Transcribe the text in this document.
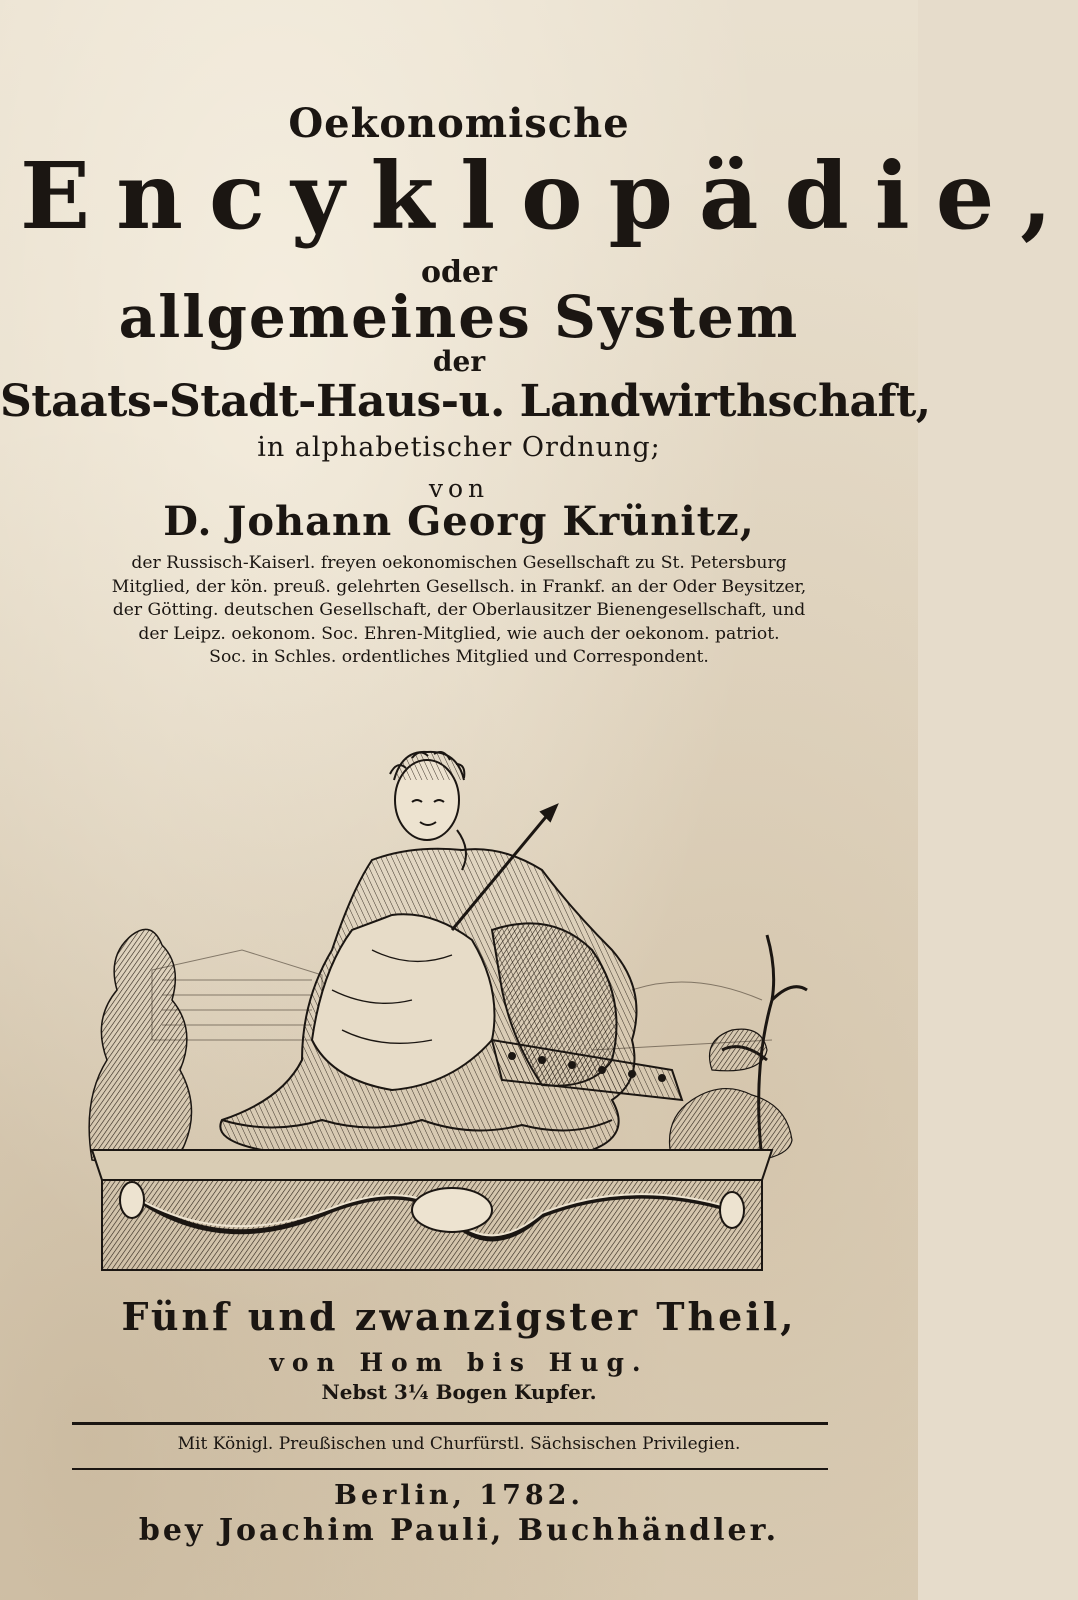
Oekonomische
Encyklopädie,
oder
allgemeines System
der
Staats-Stadt-Haus-u. Landwirthschaft,
in alphabetischer Ordnung;
von
D. Johann Georg Krünitz,
der Russisch-Kaiserl. freyen oekonomischen Gesellschaft zu St. Petersburg
Mitglied, der kön. preuß. gelehrten Gesellsch. in Frankf. an der Oder Beysitzer,
der Götting. deutschen Gesellschaft, der Oberlausitzer Bienengesellschaft, und
der Leipz. oekonom. Soc. Ehren-Mitglied, wie auch der oekonom. patriot.
Soc. in Schles. ordentliches Mitglied und Correspondent.
Fünf und zwanzigster Theil,
von Hom bis Hug.
Nebst 3¼ Bogen Kupfer.
Mit Königl. Preußischen und Churfürstl. Sächsischen Privilegien.
Berlin, 1782.
bey Joachim Pauli, Buchhändler.
